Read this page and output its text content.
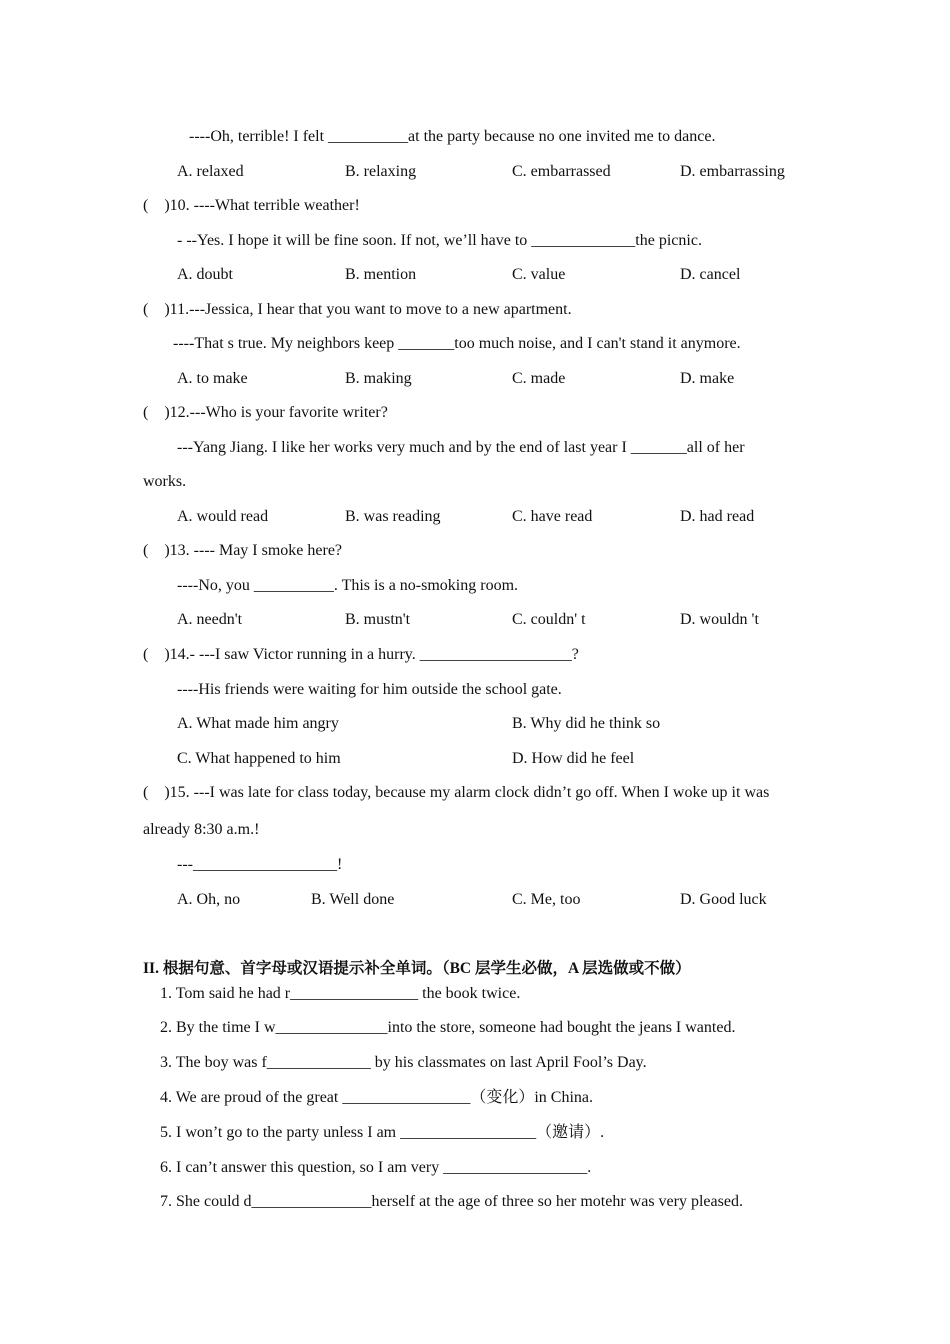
----Oh, terrible! I felt __________at the party because no one invited me to dance.
A. relaxed	B. relaxing	C. embarrassed	D. embarrassing
(    )10. ----What terrible weather!
- --Yes. I hope it will be fine soon. If not, we’ll have to _____________the picnic.
A. doubt	B. mention	C. value	D. cancel
(    )11.---Jessica, I hear that you want to move to a new apartment.
----That s true. My neighbors keep _______too much noise, and I can't stand it anymore.
A. to make	B. making	C. made	D. make
(    )12.---Who is your favorite writer?
---Yang Jiang. I like her works very much and by the end of last year I _______all of her
works.
A. would read	B. was reading	C. have read	D. had read
(    )13. ---- May I smoke here?
----No, you __________. This is a no-smoking room.
A. needn't	B. mustn't	C. couldn' t	D. wouldn 't
(    )14.- ---I saw Victor running in a hurry. ___________________?
----His friends were waiting for him outside the school gate.
A. What made him angry	B. Why did he think so
C. What happened to him	D. How did he feel
(    )15. ---I was late for class today, because my alarm clock didn’t go off. When I woke up it was
already 8:30 a.m.!
---__________________!
A. Oh, no	B. Well done	C. Me, too	D. Good luck
II. 根据句意、首字母或汉语提示补全单词。（BC 层学生必做，A 层选做或不做）
1. Tom said he had r________________ the book twice.
2. By the time I w______________into the store, someone had bought the jeans I wanted.
3. The boy was f_____________ by his classmates on last April Fool’s Day.
4. We are proud of the great ________________（变化）in China.
5. I won’t go to the party unless I am _________________（邀请）.
6. I can’t answer this question, so I am very __________________.
7. She could d_______________herself at the age of three so her motehr was very pleased.
